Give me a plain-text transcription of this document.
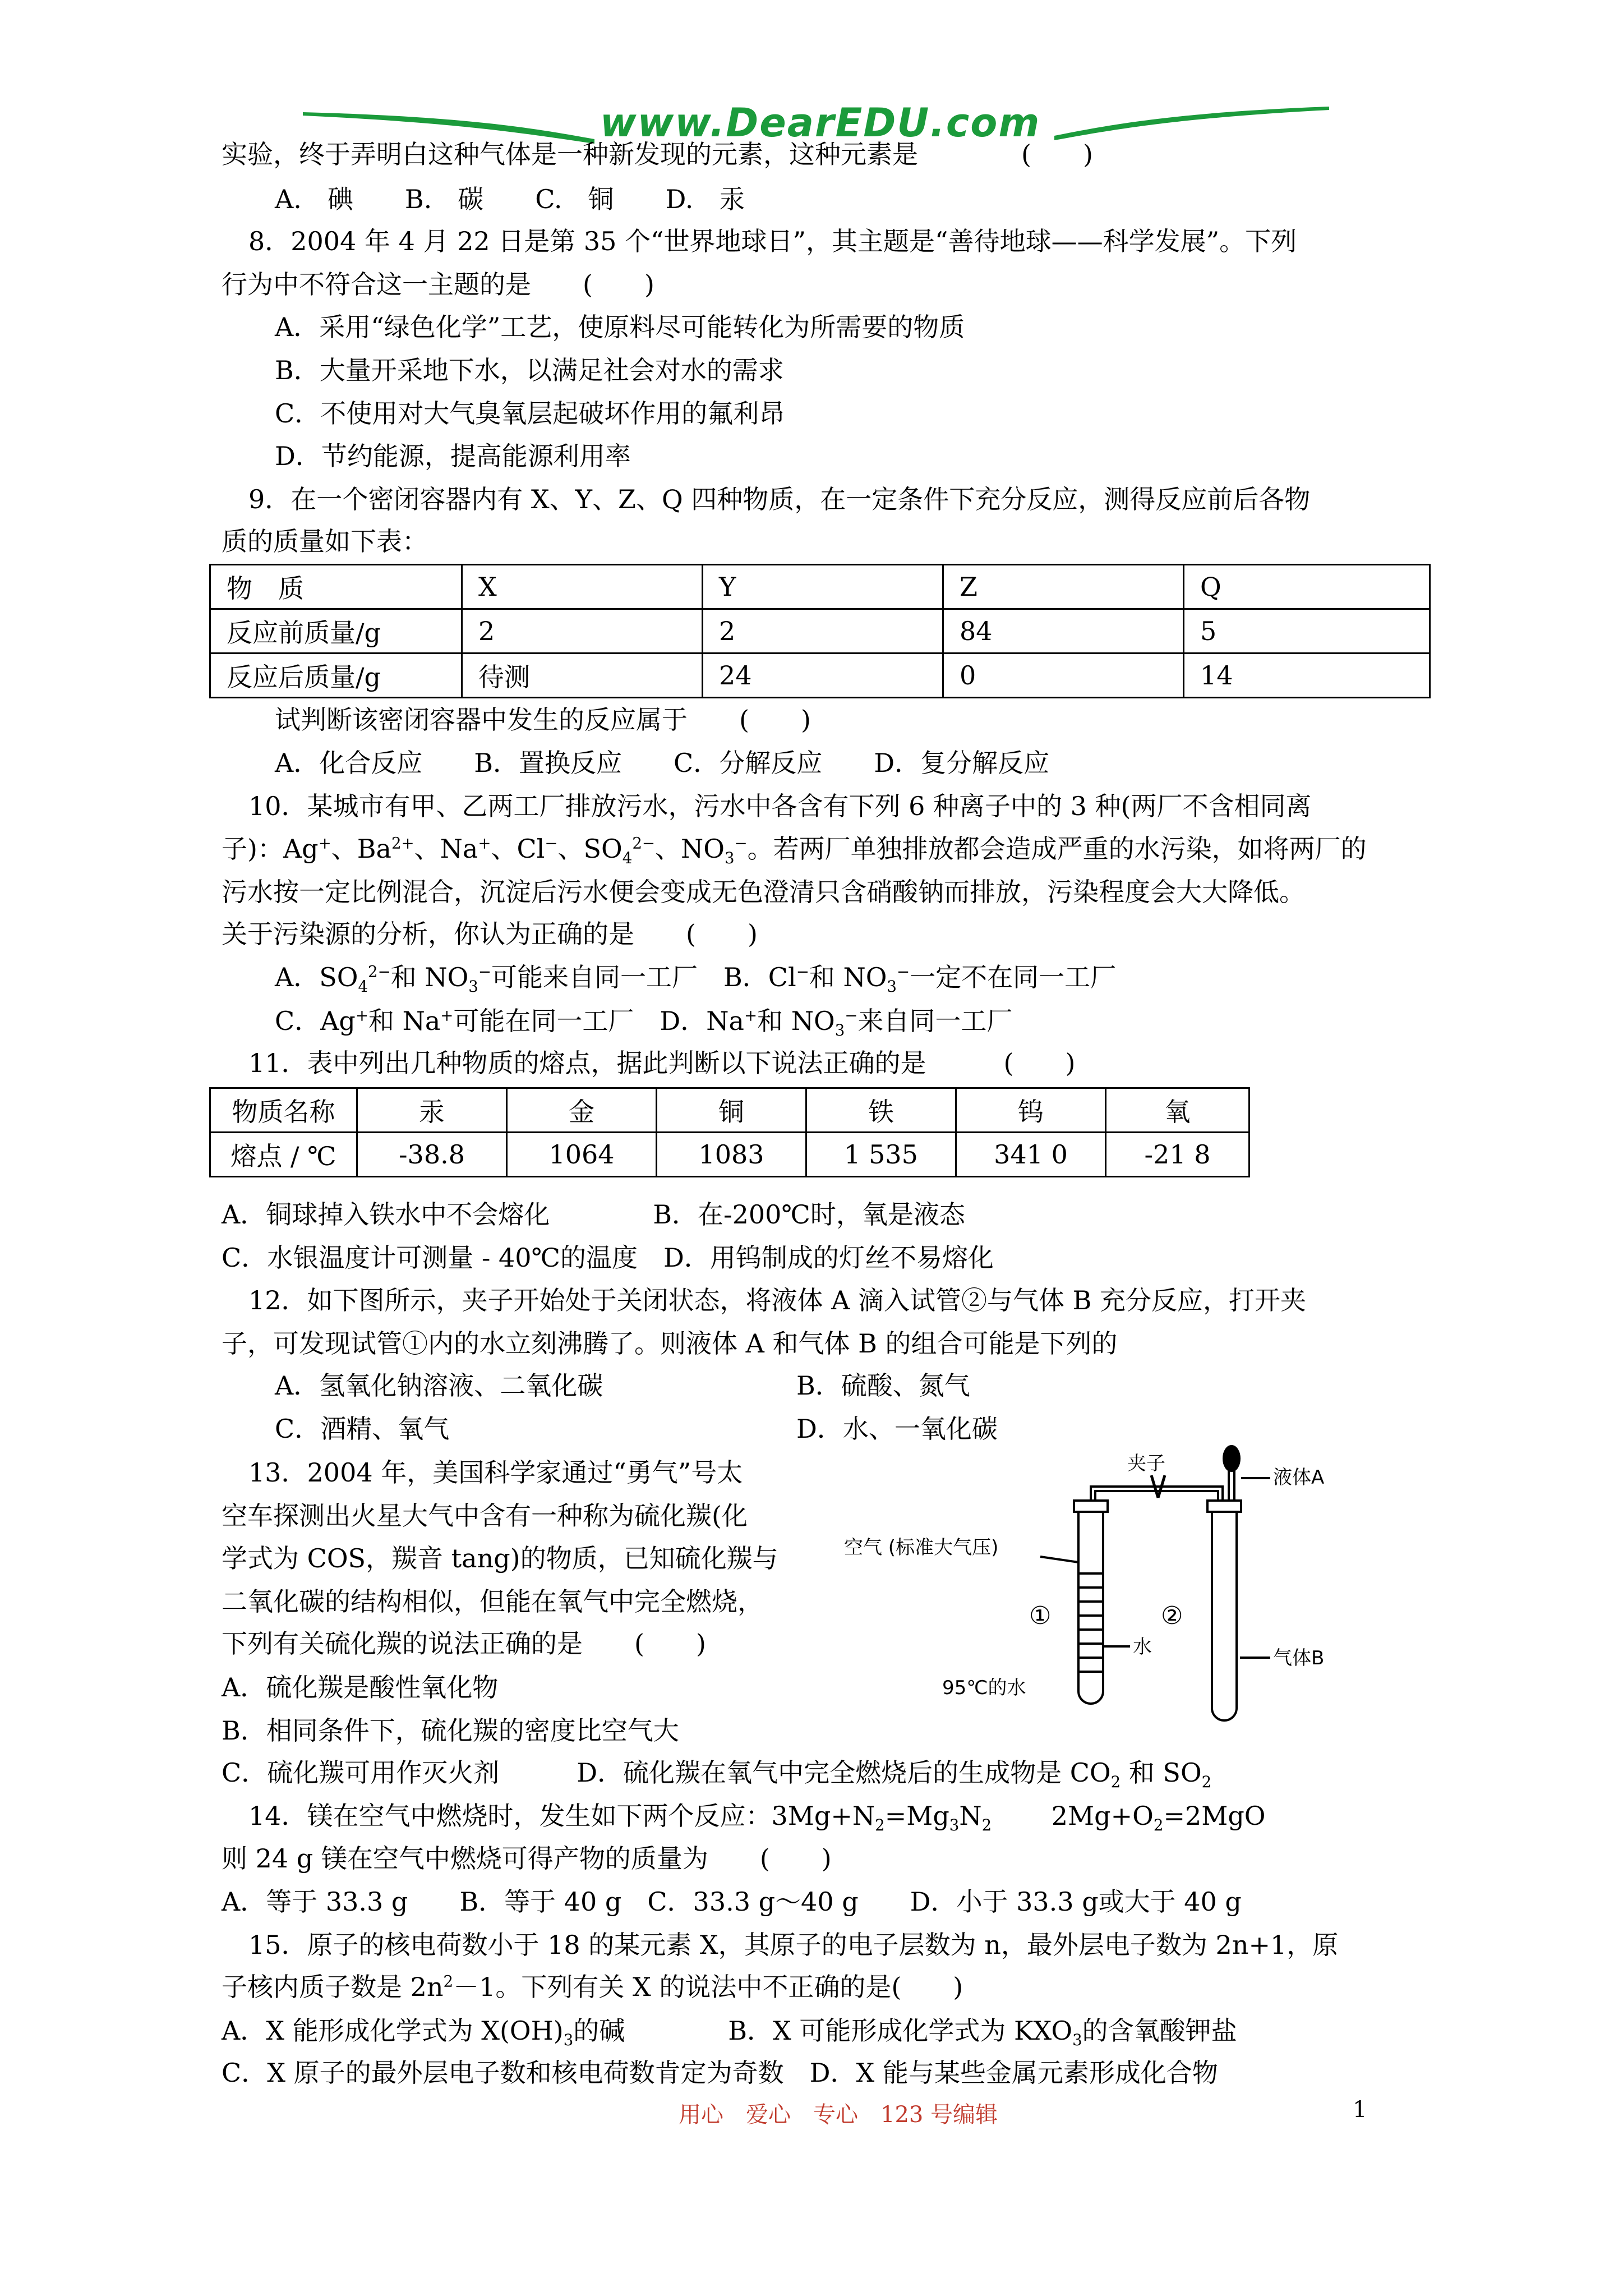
www.DearEDU.com
实验，终于弄明白这种气体是一种新发现的元素，这种元素是　　　　	(　　)
A.　碘　　 B.　碳　　 C.　铜　　 D.　汞
8．2004 年 4 月 22 日是第 35 个“世界地球日”，其主题是“善待地球——科学发展”。下列
行为中不符合这一主题的是　　 (　　)
A．采用“绿色化学”工艺，使原料尽可能转化为所需要的物质
B．大量开采地下水，以满足社会对水的需求
C．不使用对大气臭氧层起破坏作用的氟利昂
D．节约能源，提高能源利用率
9．在一个密闭容器内有 X、Y、Z、Q 四种物质，在一定条件下充分反应，测得反应前后各物
质的质量如下表：
物　质	X	Y	Z	Q
反应前质量/g	2	2	84	5
反应后质量/g	待测	24	0	14
试判断该密闭容器中发生的反应属于　　 (　　)
A．化合反应　　 B．置换反应　　 C．分解反应　　 D．复分解反应
10．某城市有甲、乙两工厂排放污水，污水中各含有下列 6 种离子中的 3 种(两厂不含相同离
子)：Ag+、$Ba^{2+}$、Na+、Cl−、$SO_4^{2-}$、$NO_3^-$。若两厂单独排放都会造成严重的水污染，如将两厂的
污水按一定比例混合，沉淀后污水便会变成无色澄清只含硝酸钠而排放，污染程度会大大降低。
关于污染源的分析，你认为正确的是　　 (　　)
A．$SO_4^{2-}$和 $NO_3^-$可能来自同一工厂　B．Cl−和 $NO_3^-$一定不在同一工厂
C．Ag+和 Na+可能在同一工厂　D．Na+和 $NO_3^-$来自同一工厂
11．表中列出几种物质的熔点，据此判断以下说法正确的是　　　	(　　)
物质名称	汞	金	铜	铁	钨	氧
熔点 / ℃	-38.8	1064	1083	1 535	341 0	-21 8
A．铜球掉入铁水中不会熔化　　　　	B．在-200℃时，氧是液态
C．水银温度计可测量 - 40℃的温度　 D．用钨制成的灯丝不易熔化
12．如下图所示，夹子开始处于关闭状态，将液体 A 滴入试管②与气体 B 充分反应，打开夹
子，可发现试管①内的水立刻沸腾了。则液体 A 和气体 B 的组合可能是下列的
A．氢氧化钠溶液、二氧化碳	B．硫酸、氮气
C．酒精、氧气	D．水、一氧化碳
13．2004 年，美国科学家通过“勇气”号太
空车探测出火星大气中含有一种称为硫化羰(化
学式为 COS，羰音 tang)的物质，已知硫化羰与
二氧化碳的结构相似，但能在氧气中完全燃烧，
下列有关硫化羰的说法正确的是　　 (　　)
A．硫化羰是酸性氧化物
B．相同条件下，硫化羰的密度比空气大
C．硫化羰可用作灭火剂　　　	D．硫化羰在氧气中完全燃烧后的生成物是 $CO_2$ 和 $SO_2$
14．镁在空气中燃烧时，发生如下两个反应：$3Mg+N_2=Mg_3N_2$　　 $2Mg+O_2=2MgO$
则 24 g 镁在空气中燃烧可得产物的质量为　　 (　　)
A．等于 33.3 g　　B．等于 40 g　C．33.3 g～40 g　　D．小于 33.3 g或大于 40 g
15．原子的核电荷数小于 18 的某元素 X，其原子的电子层数为 n，最外层电子数为 2n+1，原
子核内质子数是 $2n^2-1$。下列有关 X 的说法中不正确的是(　　)
A．X 能形成化学式为 $X(OH)_3$的碱　　　　	B．X 可能形成化学式为 $KXO_3$的含氧酸钾盐
C．X 原子的最外层电子数和核电荷数肯定为奇数　 D．X 能与某些金属元素形成化合物
夹子
液体A
空气 (标准大气压)
①	②
水	气体B
95℃的水
用心　爱心　专心　123 号编辑	1
